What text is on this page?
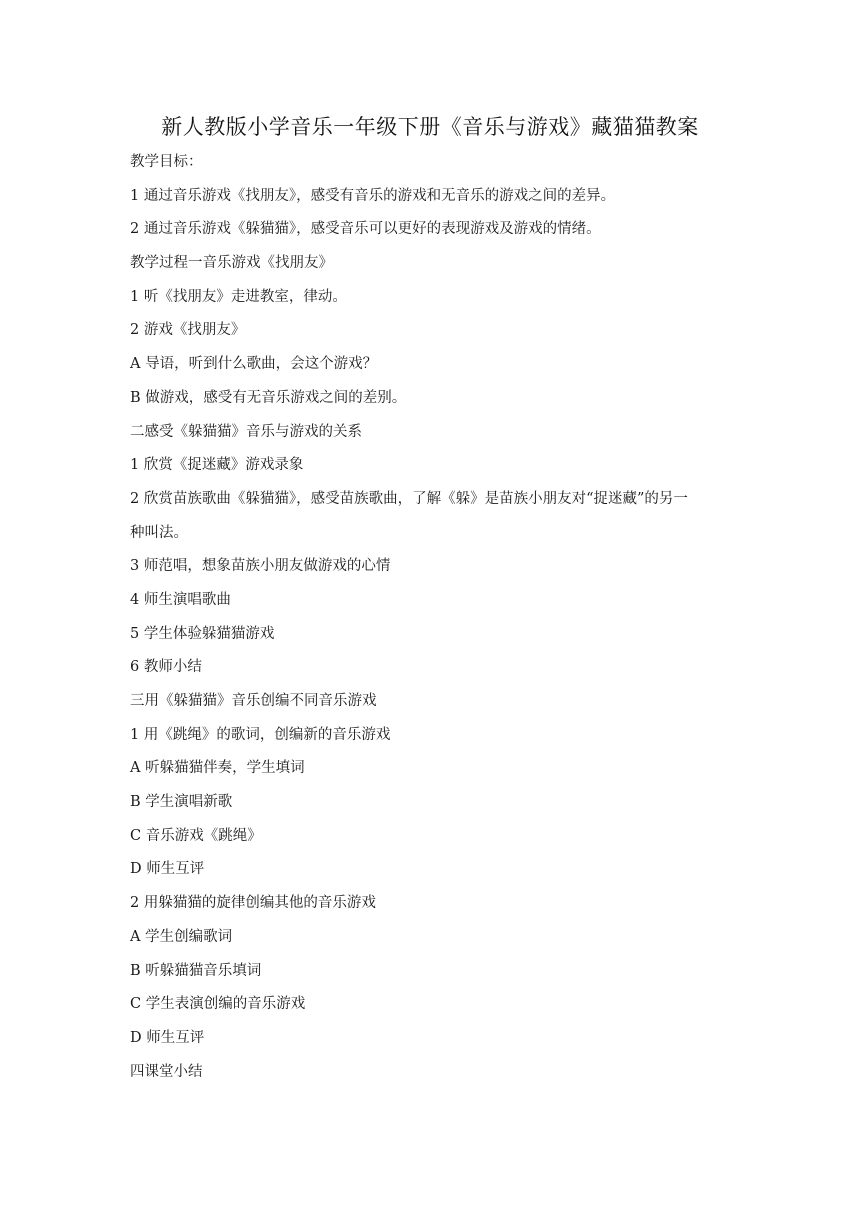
新人教版小学音乐一年级下册《音乐与游戏》藏猫猫教案
教学目标：
1 通过音乐游戏《找朋友》，感受有音乐的游戏和无音乐的游戏之间的差异。
2 通过音乐游戏《躲猫猫》，感受音乐可以更好的表现游戏及游戏的情绪。
教学过程一音乐游戏《找朋友》
1 听《找朋友》走进教室，律动。
2 游戏《找朋友》
A 导语，听到什么歌曲，会这个游戏？
B 做游戏，感受有无音乐游戏之间的差别。
二感受《躲猫猫》音乐与游戏的关系
1 欣赏《捉迷藏》游戏录象
2 欣赏苗族歌曲《躲猫猫》，感受苗族歌曲，了解《躲》是苗族小朋友对“捉迷藏”的另一
种叫法。
3 师范唱，想象苗族小朋友做游戏的心情
4 师生演唱歌曲
5 学生体验躲猫猫游戏
6 教师小结
三用《躲猫猫》音乐创编不同音乐游戏
1 用《跳绳》的歌词，创编新的音乐游戏
A 听躲猫猫伴奏，学生填词
B 学生演唱新歌
C 音乐游戏《跳绳》
D 师生互评
2 用躲猫猫的旋律创编其他的音乐游戏
A 学生创编歌词
B 听躲猫猫音乐填词
C 学生表演创编的音乐游戏
D 师生互评
四课堂小结
